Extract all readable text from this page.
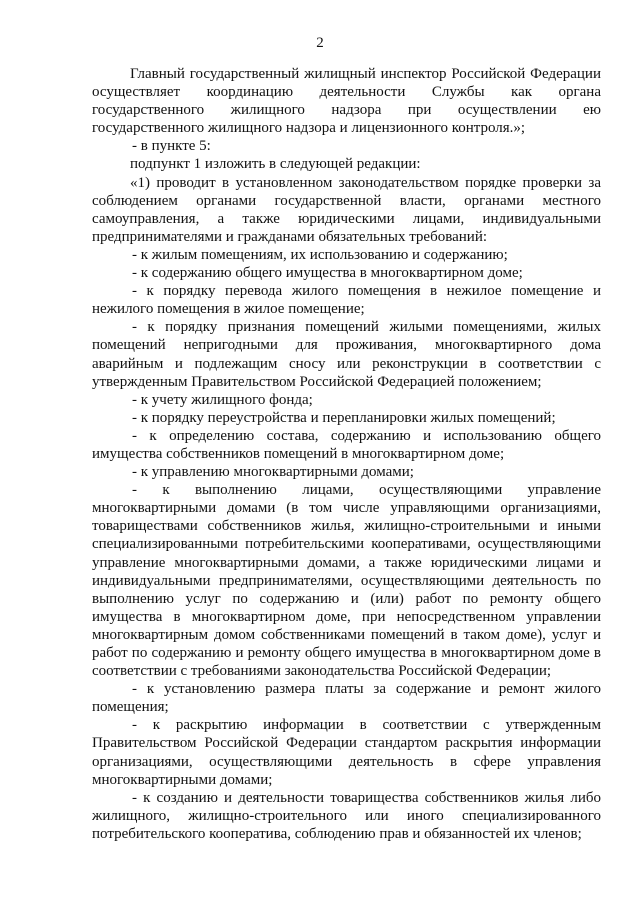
2

Главный государственный жилищный инспектор Российской Федерации осуществляет координацию деятельности Службы как органа государственного жилищного надзора при осуществлении ею государственного жилищного надзора и лицензионного контроля.»;

- в пункте 5:

подпункт 1 изложить в следующей редакции:

«1) проводит в установленном законодательством порядке проверки за соблюдением органами государственной власти, органами местного самоуправления, а также юридическими лицами, индивидуальными предпринимателями и гражданами обязательных требований:

- к жилым помещениям, их использованию и содержанию;

- к содержанию общего имущества в многоквартирном доме;

- к порядку перевода жилого помещения в нежилое помещение и нежилого помещения в жилое помещение;

- к порядку признания помещений жилыми помещениями, жилых помещений непригодными для проживания, многоквартирного дома аварийным и подлежащим сносу или реконструкции в соответствии с утвержденным Правительством Российской Федерацией положением;

- к учету жилищного фонда;

- к порядку переустройства и перепланировки жилых помещений;

- к определению состава, содержанию и использованию общего имущества собственников помещений в многоквартирном доме;

- к управлению многоквартирными домами;

- к выполнению лицами, осуществляющими управление многоквартирными домами (в том числе управляющими организациями, товариществами собственников жилья, жилищно-строительными и иными специализированными потребительскими кооперативами, осуществляющими управление многоквартирными домами, а также юридическими лицами и индивидуальными предпринимателями, осуществляющими деятельность по выполнению услуг по содержанию и (или) работ по ремонту общего имущества в многоквартирном доме, при непосредственном управлении многоквартирным домом собственниками помещений в таком доме), услуг и работ по содержанию и ремонту общего имущества в многоквартирном доме в соответствии с требованиями законодательства Российской Федерации;

- к установлению размера платы за содержание и ремонт жилого помещения;

- к раскрытию информации в соответствии с утвержденным Правительством Российской Федерации стандартом раскрытия информации организациями, осуществляющими деятельность в сфере управления многоквартирными домами;

- к созданию и деятельности товарищества собственников жилья либо жилищного, жилищно-строительного или иного специализированного потребительского кооператива, соблюдению прав и обязанностей их членов;
